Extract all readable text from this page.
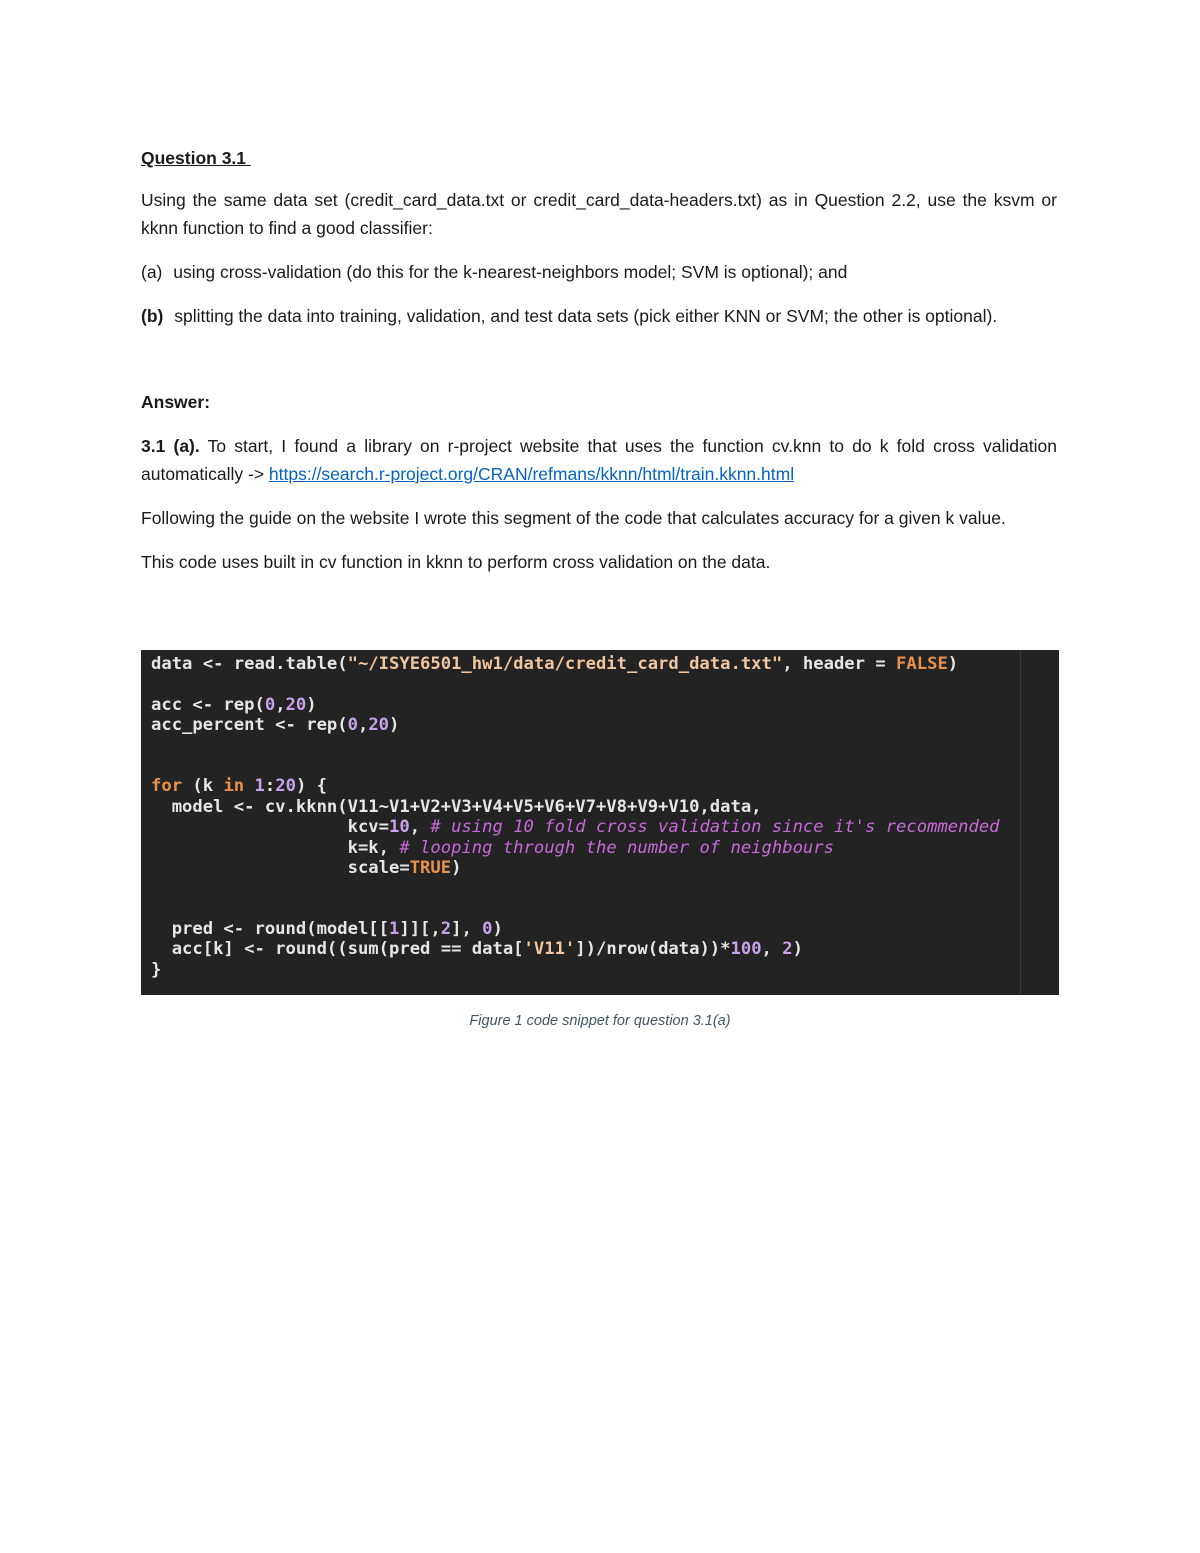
Question 3.1

Using the same data set (credit_card_data.txt or credit_card_data-headers.txt) as in Question 2.2, use the ksvm or kknn function to find a good classifier:

(a) using cross-validation (do this for the k-nearest-neighbors model; SVM is optional); and

(b) splitting the data into training, validation, and test data sets (pick either KNN or SVM; the other is optional).

Answer:

3.1 (a). To start, I found a library on r-project website that uses the function cv.knn to do k fold cross validation automatically -> https://search.r-project.org/CRAN/refmans/kknn/html/train.kknn.html

Following the guide on the website I wrote this segment of the code that calculates accuracy for a given k value.

This code uses built in cv function in kknn to perform cross validation on the data.

data <- read.table("~/ISYE6501_hw1/data/credit_card_data.txt", header = FALSE)
acc <- rep(0,20)
acc_percent <- rep(0,20)
for (k in 1:20) {
model <- cv.kknn(V11~V1+V2+V3+V4+V5+V6+V7+V8+V9+V10,data,
kcv=10, # using 10 fold cross validation since it's recommended
k=k, # looping through the number of neighbours
scale=TRUE)
pred <- round(model[[1]][,2], 0)
acc[k] <- round((sum(pred == data['V11'])/nrow(data))*100, 2)
}
Figure 1 code snippet for question 3.1(a)
